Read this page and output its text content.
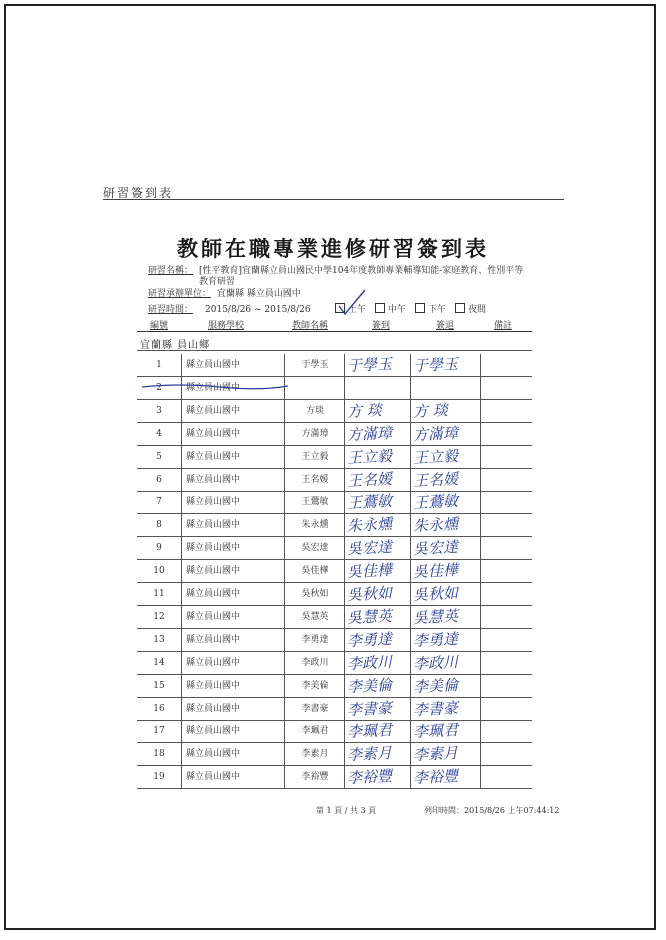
研習簽到表
教師在職專業進修研習簽到表
研習名稱： [性平教育]宜蘭縣立員山國民中學104年度教師專業輔導知能-家庭教育、性別平等教育研習
研習承辦單位： 宜蘭縣 縣立員山國中
研習時間： 2015/8/26 ~ 2015/8/26	上午	中午	下午	夜間
編號	服務學校	教師名稱	簽到	簽退	備註
宜蘭縣 員山鄉
1	縣立員山國中	于學玉	于學玉 于學玉
2	縣立員山國中
3	縣立員山國中	方琰	方 琰 方 琰
4	縣立員山國中	方滿璋	方滿璋 方滿璋
5	縣立員山國中	王立毅	王立毅 王立毅
6	縣立員山國中	王名媛	王名媛 王名媛
7	縣立員山國中	王鷰敏	王鷰敏 王鷰敏
8	縣立員山國中	朱永燻	朱永燻 朱永燻
9	縣立員山國中	吳宏達	吳宏達 吳宏達
10	縣立員山國中	吳佳樺	吳佳樺 吳佳樺
11	縣立員山國中	吳秋如	吳秋如 吳秋如
12	縣立員山國中	吳慧英	吳慧英 吳慧英
13	縣立員山國中	李勇達	李勇達 李勇達
14	縣立員山國中	李政川	李政川 李政川
15	縣立員山國中	李美倫	李美倫 李美倫
16	縣立員山國中	李書豪	李書豪 李書豪
17	縣立員山國中	李珮君	李珮君 李珮君
18	縣立員山國中	李素月	李素月 李素月
19	縣立員山國中	李裕豐	李裕豐 李裕豐
第 1 頁 / 共 3 頁	列印時間：2015/8/26 上午07:44:12
